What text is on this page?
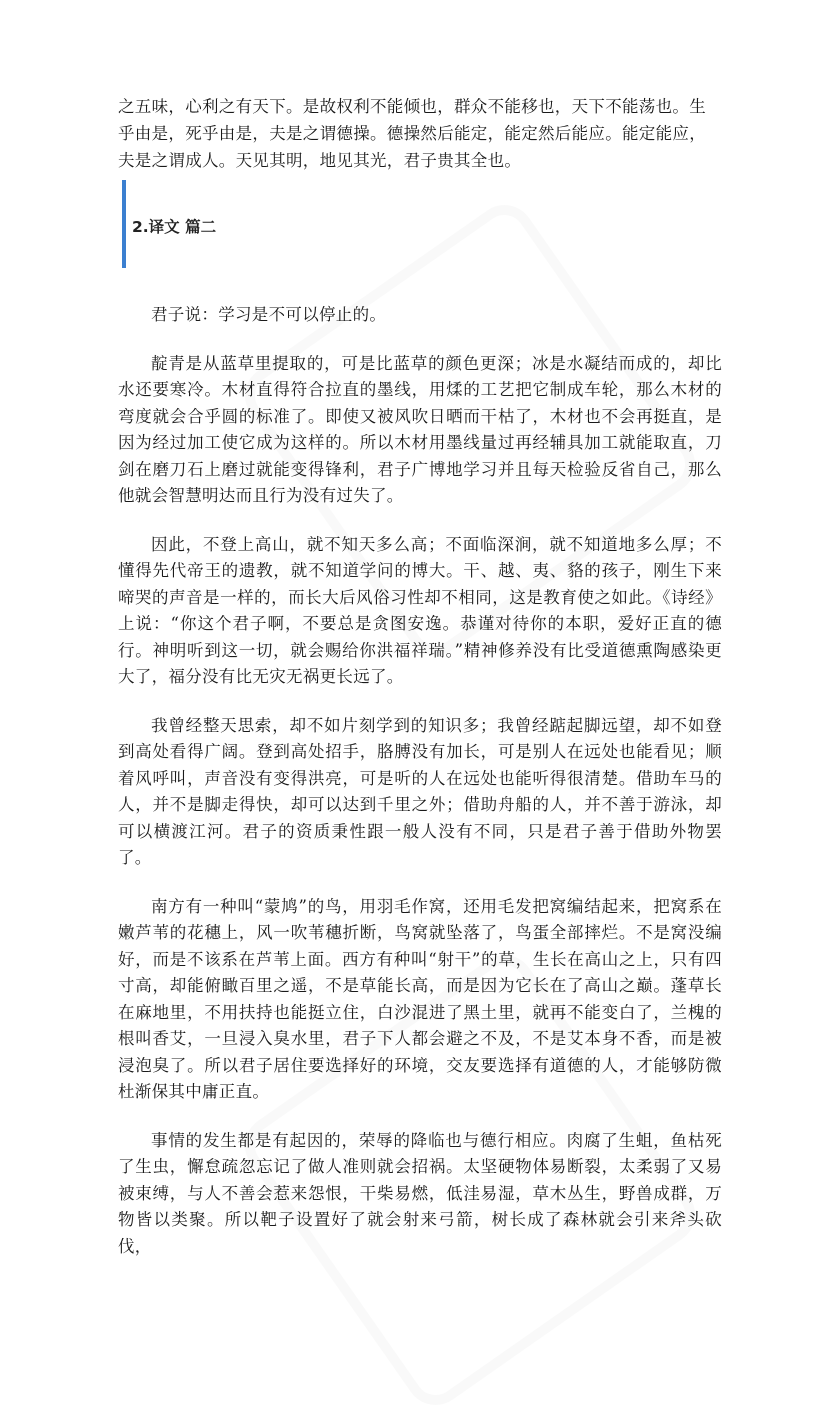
之五味，心利之有天下。是故权利不能倾也，群众不能移也，天下不能荡也。生乎由是，死乎由是，夫是之谓德操。德操然后能定，能定然后能应。能定能应，夫是之谓成人。天见其明，地见其光，君子贵其全也。

2.译文 篇二

君子说：学习是不可以停止的。

靛青是从蓝草里提取的，可是比蓝草的颜色更深；冰是水凝结而成的，却比水还要寒冷。木材直得符合拉直的墨线，用煣的工艺把它制成车轮，那么木材的弯度就会合乎圆的标准了。即使又被风吹日晒而干枯了，木材也不会再挺直，是因为经过加工使它成为这样的。所以木材用墨线量过再经辅具加工就能取直，刀剑在磨刀石上磨过就能变得锋利，君子广博地学习并且每天检验反省自己，那么他就会智慧明达而且行为没有过失了。

因此，不登上高山，就不知天多么高；不面临深涧，就不知道地多么厚；不懂得先代帝王的遗教，就不知道学问的博大。干、越、夷、貉的孩子，刚生下来啼哭的声音是一样的，而长大后风俗习性却不相同，这是教育使之如此。《诗经》上说：“你这个君子啊，不要总是贪图安逸。恭谨对待你的本职，爱好正直的德行。神明听到这一切，就会赐给你洪福祥瑞。”精神修养没有比受道德熏陶感染更大了，福分没有比无灾无祸更长远了。

我曾经整天思索，却不如片刻学到的知识多；我曾经踮起脚远望，却不如登到高处看得广阔。登到高处招手，胳膊没有加长，可是别人在远处也能看见；顺着风呼叫，声音没有变得洪亮，可是听的人在远处也能听得很清楚。借助车马的人，并不是脚走得快，却可以达到千里之外；借助舟船的人，并不善于游泳，却可以横渡江河。君子的资质秉性跟一般人没有不同，只是君子善于借助外物罢了。

南方有一种叫“蒙鸠”的鸟，用羽毛作窝，还用毛发把窝编结起来，把窝系在嫩芦苇的花穗上，风一吹苇穗折断，鸟窝就坠落了，鸟蛋全部摔烂。不是窝没编好，而是不该系在芦苇上面。西方有种叫“射干”的草，生长在高山之上，只有四寸高，却能俯瞰百里之遥，不是草能长高，而是因为它长在了高山之巅。蓬草长在麻地里，不用扶持也能挺立住，白沙混进了黑土里，就再不能变白了，兰槐的根叫香艾，一旦浸入臭水里，君子下人都会避之不及，不是艾本身不香，而是被浸泡臭了。所以君子居住要选择好的环境，交友要选择有道德的人，才能够防微杜渐保其中庸正直。

事情的发生都是有起因的，荣辱的降临也与德行相应。肉腐了生蛆，鱼枯死了生虫，懈怠疏忽忘记了做人准则就会招祸。太坚硬物体易断裂，太柔弱了又易被束缚，与人不善会惹来怨恨，干柴易燃，低洼易湿，草木丛生，野兽成群，万物皆以类聚。所以靶子设置好了就会射来弓箭，树长成了森林就会引来斧头砍伐，
